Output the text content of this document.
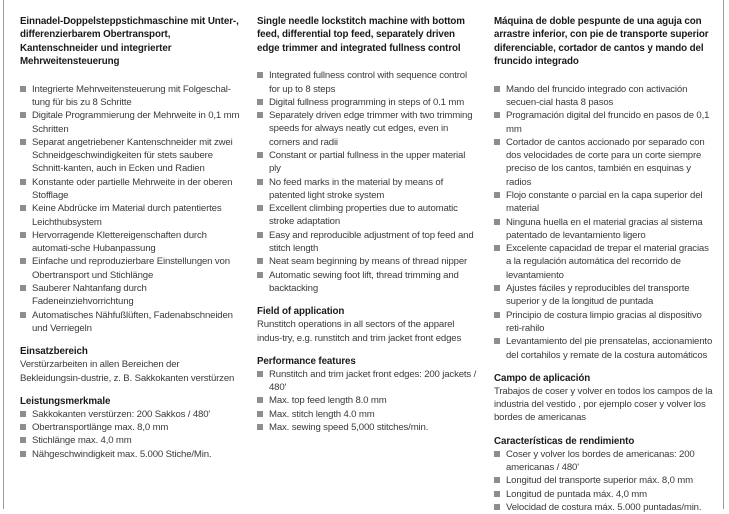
Einnadel-Doppelsteppstichmaschine mit Unter-, differenzierbarem Obertransport, Kantenschneider und integrierter Mehrweitensteuerung

Integrierte Mehrweitensteuerung mit Folgeschal-tung für bis zu 8 Schritte
Digitale Programmierung der Mehrweite in 0,1 mm Schritten
Separat angetriebener Kantenschneider mit zwei Schneidgeschwindigkeiten für stets saubere Schnitt-kanten, auch in Ecken und Radien
Konstante oder partielle Mehrweite in der oberen Stofflage
Keine Abdrücke im Material durch patentiertes Leichthubsystem
Hervorragende Klettereigenschaften durch automati-sche Hubanpassung
Einfache und reproduzierbare Einstellungen von Obertransport und Stichlänge
Sauberer Nahtanfang durch Fadeneinziehvorrichtung
Automatisches Nähfußlüften, Fadenabschneiden und Verriegeln

Einsatzbereich

Verstürzarbeiten in allen Bereichen der Bekleidungsin-dustrie, z. B. Sakkokanten verstürzen

Leistungsmerkmale

Sakkokanten verstürzen: 200 Sakkos / 480'
Obertransportlänge max. 8,0 mm
Stichlänge max. 4,0 mm
Nähgeschwindigkeit max. 5.000 Stiche/Min.

Single needle lockstitch machine with bottom feed, differential top feed, separately driven edge trimmer and integrated fullness control

Integrated fullness control with sequence control for up to 8 steps
Digital fullness programming in steps of 0.1 mm
Separately driven edge trimmer with two trimming speeds for always neatly cut edges, even in corners and radii
Constant or partial fullness in the upper material ply
No feed marks in the material by means of patented light stroke system
Excellent climbing properties due to automatic stroke adaptation
Easy and reproducible adjustment of top feed and stitch length
Neat seam beginning by means of thread nipper
Automatic sewing foot lift, thread trimming and backtacking

Field of application

Runstitch operations in all sectors of the apparel indus-try, e.g. runstitch and trim jacket front edges

Performance features

Runstitch and trim jacket front edges: 200 jackets / 480'
Max. top feed length 8.0 mm
Max. stitch length 4.0 mm
Max. sewing speed 5,000 stitches/min.

Máquina de doble pespunte de una aguja con arrastre inferior, con pie de transporte superior diferenciable, cortador de cantos y mando del fruncido integrado

Mando del fruncido integrado con activación secuen-cial hasta 8 pasos
Programación digital del fruncido en pasos de 0,1 mm
Cortador de cantos accionado por separado con dos velocidades de corte para un corte siempre preciso de los cantos, también en esquinas y radios
Flojo constante o parcial en la capa superior del material
Ninguna huella en el material gracias al sistema patentado de levantamiento ligero
Excelente capacidad de trepar el material gracias a la regulación automática del recorrido de levantamiento
Ajustes fáciles y reproducibles del transporte superior y de la longitud de puntada
Principio de costura limpio gracias al dispositivo reti-rahilo
Levantamiento del pie prensatelas, accionamiento del cortahilos y remate de la costura automáticos

Campo de aplicación

Trabajos de coser y volver en todos los campos de la industria del vestido , por ejemplo coser y volver los bordes de americanas

Características de rendimiento

Coser y volver los bordes de americanas: 200 americanas / 480'
Longitud del transporte superior máx. 8,0 mm
Longitud de puntada máx. 4,0 mm
Velocidad de costura máx. 5.000 puntadas/min.
